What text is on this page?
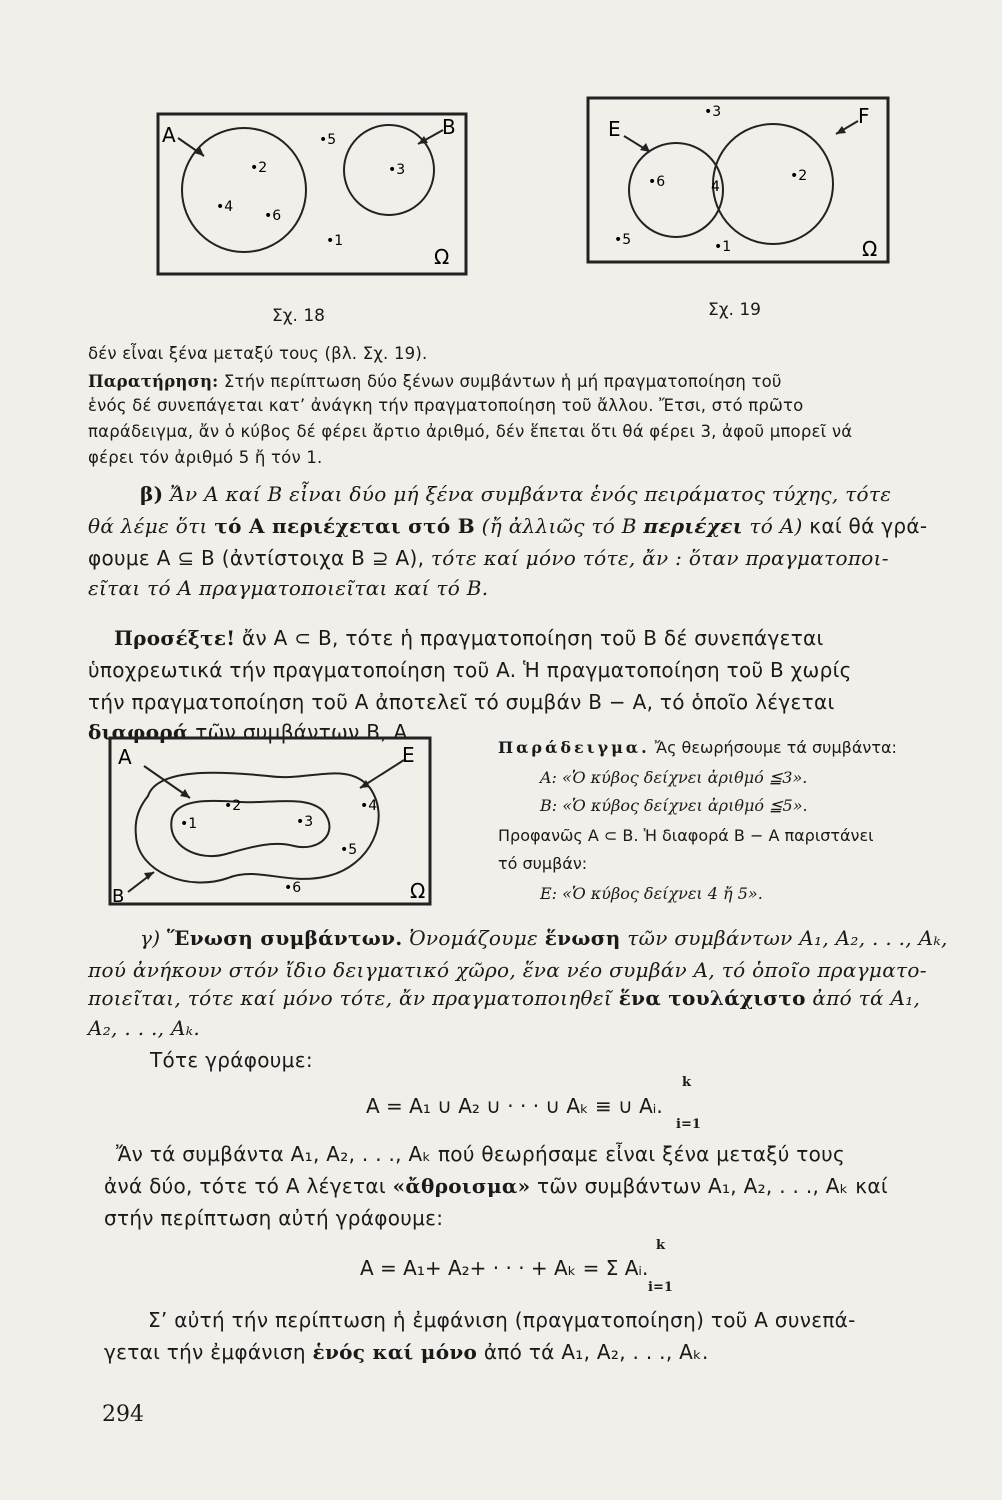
A	B
Ω
•2
•4
•6
•5
•3
•1
Σχ. 18
E
F
Ω
•3
•6	4
•2
•5	•1
Σχ. 19
δέν εἶναι ξένα μεταξύ τους (βλ. Σχ. 19).
Παρατήρηση: Στήν περίπτωση δύο ξένων συμβάντων ἡ μή πραγματοποίηση τοῦ
ἑνός δέ συνεπάγεται κατ’ ἀνάγκη τήν πραγματοποίηση τοῦ ἄλλου. Ἔτσι, στό πρῶτο
παράδειγμα, ἄν ὁ κύβος δέ φέρει ἄρτιο ἀριθμό, δέν ἕπεται ὅτι θά φέρει 3, ἀφοῦ μπορεῖ νά
φέρει τόν ἀριθμό 5 ἤ τόν 1.
β) Ἄν A καί B εἶναι δύο μή ξένα συμβάντα ἑνός πειράματος τύχης, τότε
θά λέμε ὅτι τό A περιέχεται στό B (ἤ ἀλλιῶς τό B περιέχει τό A) καί θά γρά-
φουμε A ⊆ B (ἀντίστοιχα B ⊇ A), τότε καί μόνο τότε, ἄν : ὅταν πραγματοποι-
εῖται τό A πραγματοποιεῖται καί τό B.
Προσέξτε! ἄν A ⊂ B, τότε ἡ πραγματοποίηση τοῦ B δέ συνεπάγεται
ὑποχρεωτικά τήν πραγματοποίηση τοῦ A. Ἡ πραγματοποίηση τοῦ B χωρίς
τήν πραγματοποίηση τοῦ A ἀποτελεῖ τό συμβάν B − A, τό ὁποῖο λέγεται
διαφορά τῶν συμβάντων B, A.
A	E
B	Ω
•1
•2
•3
•4
•5
•6
Παράδειγμα. Ἄς θεωρήσουμε τά συμβάντα:
A: «Ὁ κύβος δείχνει ἀριθμό ≦3».
B: «Ὁ κύβος δείχνει ἀριθμό ≦5».
Προφανῶς A ⊂ B. Ἡ διαφορά B − A παριστάνει
τό συμβάν:
E: «Ὁ κύβος δείχνει 4 ἤ 5».
γ) Ἕνωση συμβάντων. Ὀνομάζουμε ἕνωση τῶν συμβάντων A₁, A₂, . . ., Aₖ,
πού ἀνήκουν στόν ἴδιο δειγματικό χῶρο, ἕνα νέο συμβάν A, τό ὁποῖο πραγματο-
ποιεῖται, τότε καί μόνο τότε, ἄν πραγματοποιηθεῖ ἕνα τουλάχιστο ἀπό τά A₁,
A₂, . . ., Aₖ.
Τότε γράφουμε:
A = A₁ ∪ A₂ ∪ · · · ∪ Aₖ ≡ ∪ Aᵢ.
k
i=1
Ἄν τά συμβάντα A₁, A₂, . . ., Aₖ πού θεωρήσαμε εἶναι ξένα μεταξύ τους
ἀνά δύο, τότε τό A λέγεται «ἄθροισμα» τῶν συμβάντων A₁, A₂, . . ., Aₖ καί
στήν περίπτωση αὐτή γράφουμε:
A = A₁+ A₂+ · · · + Aₖ = Σ Aᵢ.
k
i=1
Σ’ αὐτή τήν περίπτωση ἡ ἐμφάνιση (πραγματοποίηση) τοῦ A συνεπά-
γεται τήν ἐμφάνιση ἑνός καί μόνο ἀπό τά A₁, A₂, . . ., Aₖ.
294
